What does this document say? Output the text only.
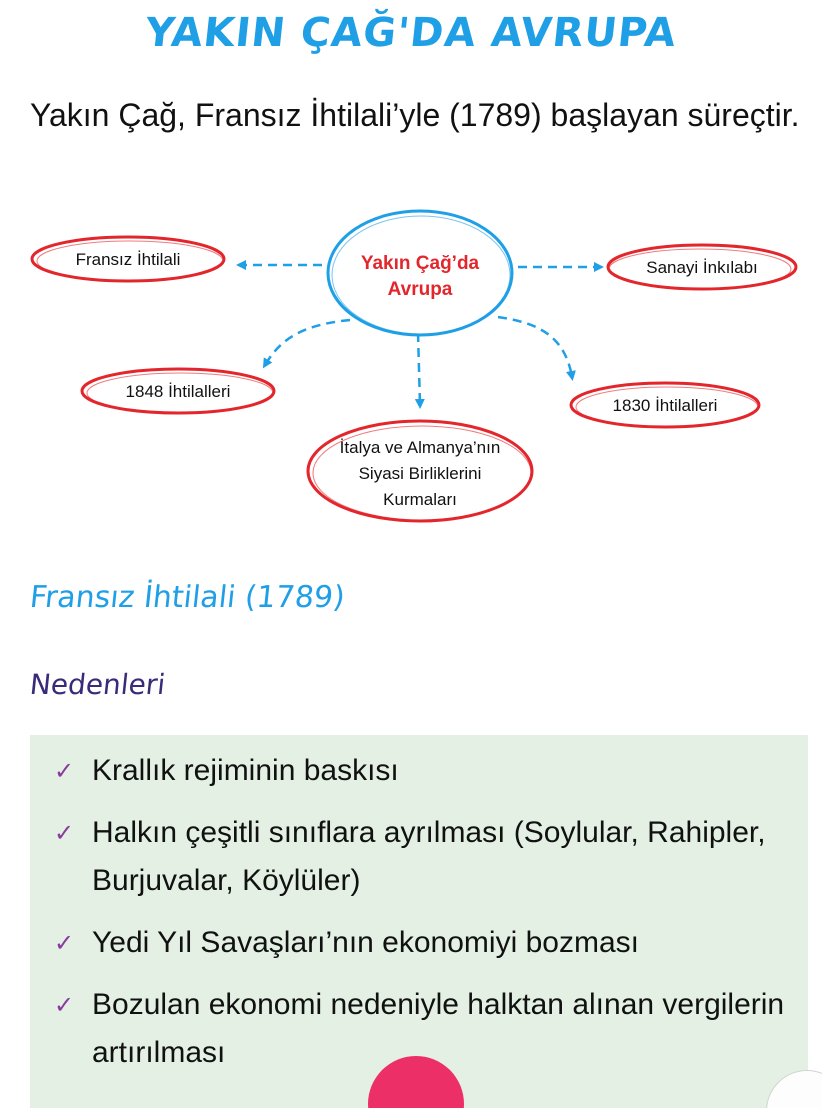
YAKIN ÇAĞ'DA AVRUPA
Yakın Çağ, Fransız İhtilali’yle (1789) başlayan süreçtir.
Yakın Çağ’da
Avrupa
Fransız İhtilali	Sanayi İnkılabı
1848 İhtilalleri
1830 İhtilalleri
İtalya ve Almanya’nın
Siyasi Birliklerini
Kurmaları
Fransız İhtilali (1789)
Nedenleri
✓ Krallık rejiminin baskısı
✓ Halkın çeşitli sınıflara ayrılması (Soylular, Rahipler, Burjuvalar, Köylüler)
✓ Yedi Yıl Savaşları’nın ekonomiyi bozması
✓ Bozulan ekonomi nedeniyle halktan alınan vergilerin artırılması
